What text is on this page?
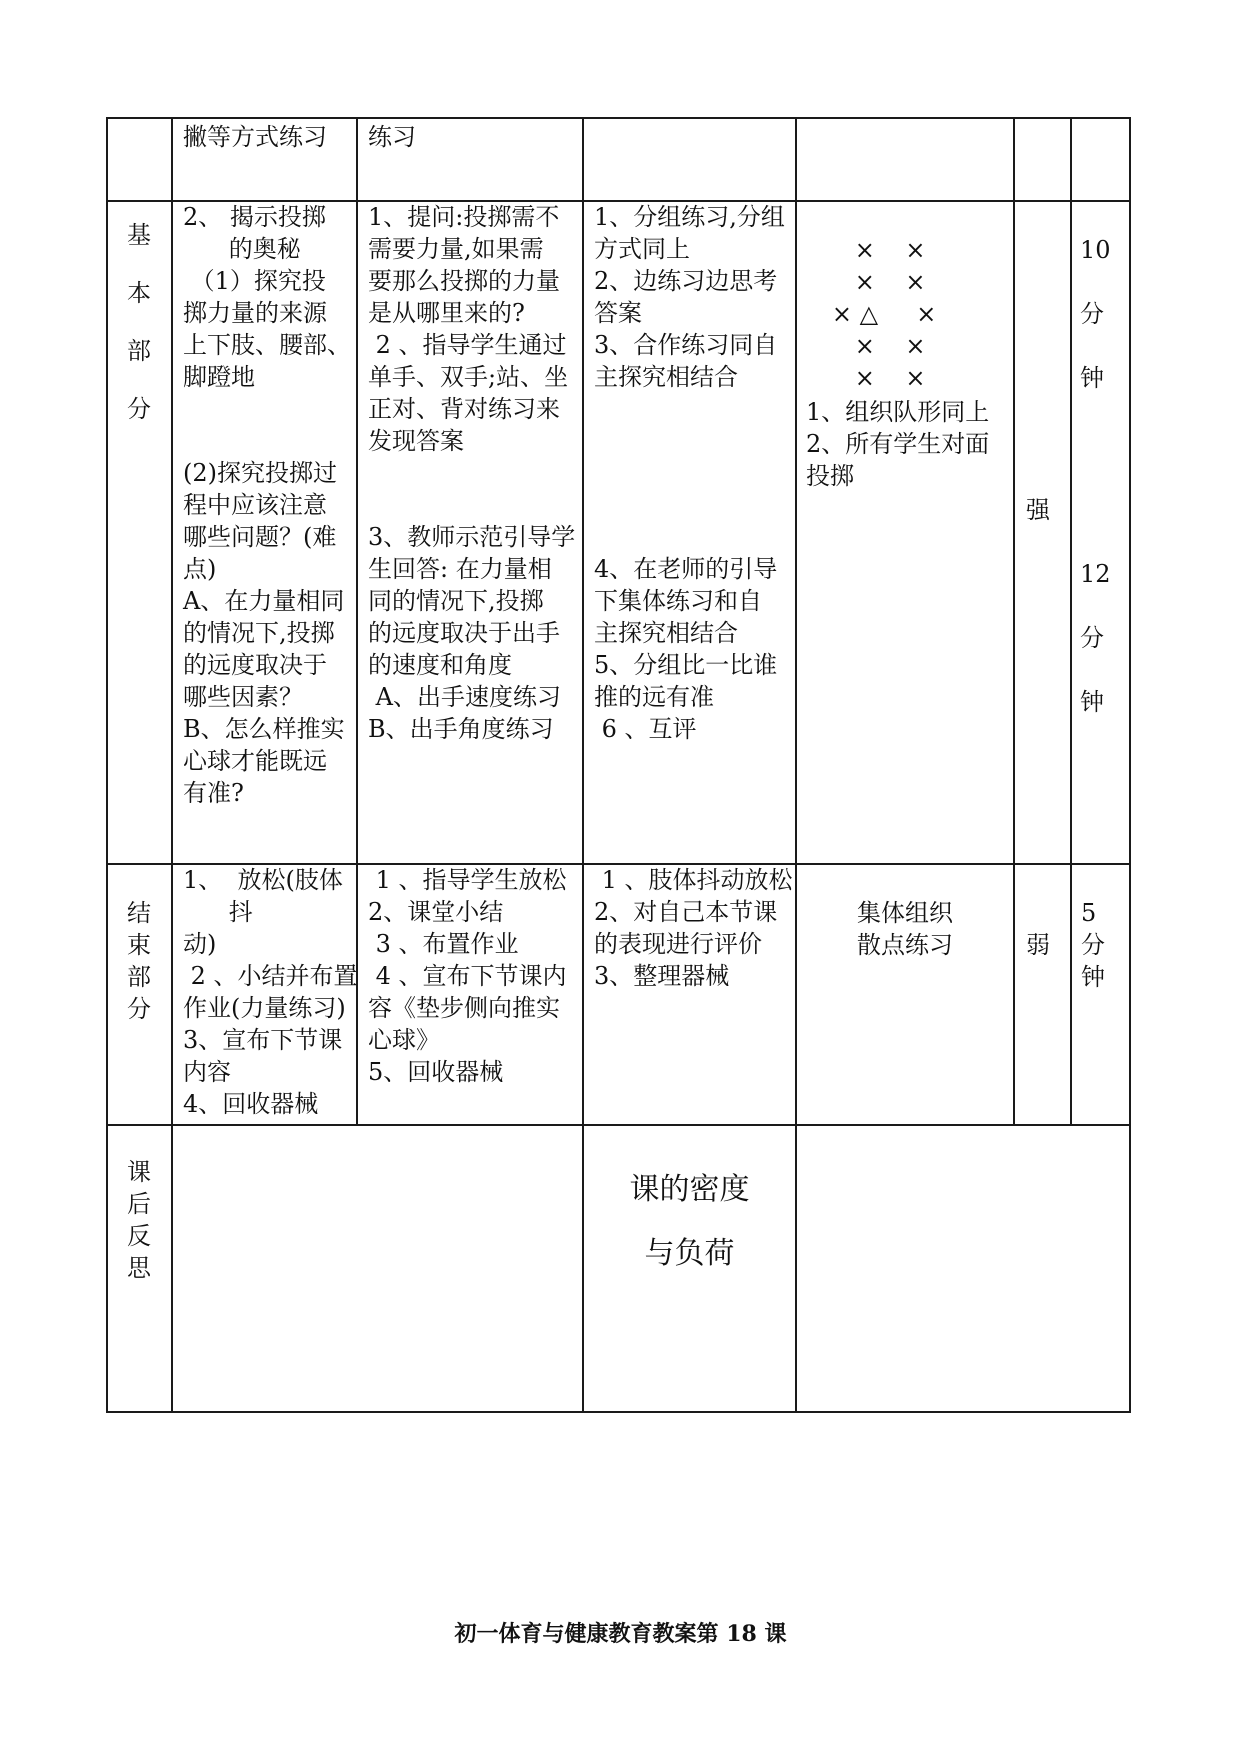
撇等方式练习 练习
基
本
部
分
2、 揭示投掷
的奥秘
（1）探究投
掷力量的来源
上下肢、腰部、
脚蹬地

(2)探究投掷过
程中应该注意
哪些问题？(难
点)
A、在力量相同
的情况下,投掷
的远度取决于
哪些因素？
B、怎么样推实
心球才能既远
有准?
1、提问:投掷需不
需要力量,如果需
要那么投掷的力量
是从哪里来的?
2 、指导学生通过
单手、双手;站、坐
正对、背对练习来
发现答案

3、教师示范引导学
生回答: 在力量相
同的情况下,投掷
的远度取决于出手
的速度和角度
A、出手速度练习
B、出手角度练习
1、分组练习,分组
方式同上
2、边练习边思考
答案
3、合作练习同自
主探究相结合

4、在老师的引导
下集体练习和自
主探究相结合
5、分组比一比谁
推的远有准
6 、互评
×    ×
×    ×
× △     ×
×    ×
×    ×
1、组织队形同上
2、所有学生对面
投掷
强
10

分

钟
12

分

钟
结
束
部
分
1、  放松(肢体
抖
动)
2 、小结并布置
作业(力量练习)
3、宣布下节课
内容
4、回收器械
1 、指导学生放松
2、课堂小结
3 、布置作业
4 、宣布下节课内
容《垫步侧向推实
心球》
5、回收器械
1 、肢体抖动放松
2、对自己本节课
的表现进行评价
3、整理器械
集体组织
散点练习	弱
5
分
钟
课
后
反
思
课的密度
与负荷
初一体育与健康教育教案第 18 课
